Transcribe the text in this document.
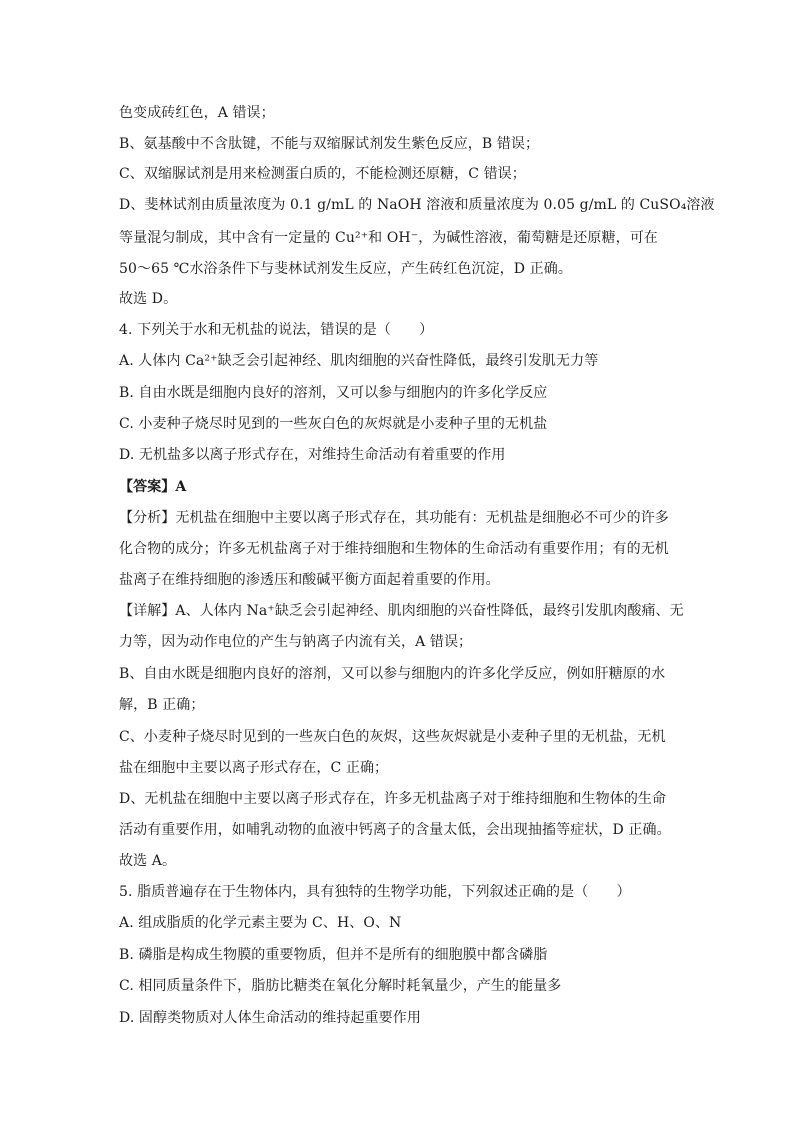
色变成砖红色，A 错误；
B、氨基酸中不含肽键，不能与双缩脲试剂发生紫色反应，B 错误；
C、双缩脲试剂是用来检测蛋白质的，不能检测还原糖，C 错误；
D、斐林试剂由质量浓度为 0.1 g/mL 的 NaOH 溶液和质量浓度为 0.05 g/mL 的 CuSO₄溶液
等量混匀制成，其中含有一定量的 Cu²⁺和 OH⁻，为碱性溶液，葡萄糖是还原糖，可在
50～65 ℃水浴条件下与斐林试剂发生反应，产生砖红色沉淀，D 正确。
故选 D。
4. 下列关于水和无机盐的说法，错误的是（　　）
A. 人体内 Ca²⁺缺乏会引起神经、肌肉细胞的兴奋性降低，最终引发肌无力等
B. 自由水既是细胞内良好的溶剂，又可以参与细胞内的许多化学反应
C. 小麦种子烧尽时见到的一些灰白色的灰烬就是小麦种子里的无机盐
D. 无机盐多以离子形式存在，对维持生命活动有着重要的作用
【答案】A
【分析】无机盐在细胞中主要以离子形式存在，其功能有：无机盐是细胞必不可少的许多
化合物的成分；许多无机盐离子对于维持细胞和生物体的生命活动有重要作用；有的无机
盐离子在维持细胞的渗透压和酸碱平衡方面起着重要的作用。
【详解】A、人体内 Na⁺缺乏会引起神经、肌肉细胞的兴奋性降低，最终引发肌肉酸痛、无
力等，因为动作电位的产生与钠离子内流有关，A 错误；
B、自由水既是细胞内良好的溶剂，又可以参与细胞内的许多化学反应，例如肝糖原的水
解，B 正确；
C、小麦种子烧尽时见到的一些灰白色的灰烬，这些灰烬就是小麦种子里的无机盐，无机
盐在细胞中主要以离子形式存在，C 正确；
D、无机盐在细胞中主要以离子形式存在，许多无机盐离子对于维持细胞和生物体的生命
活动有重要作用，如哺乳动物的血液中钙离子的含量太低，会出现抽搐等症状，D 正确。
故选 A。
5. 脂质普遍存在于生物体内，具有独特的生物学功能，下列叙述正确的是（　　）
A. 组成脂质的化学元素主要为 C、H、O、N
B. 磷脂是构成生物膜的重要物质，但并不是所有的细胞膜中都含磷脂
C. 相同质量条件下，脂肪比糖类在氧化分解时耗氧量少，产生的能量多
D. 固醇类物质对人体生命活动的维持起重要作用
